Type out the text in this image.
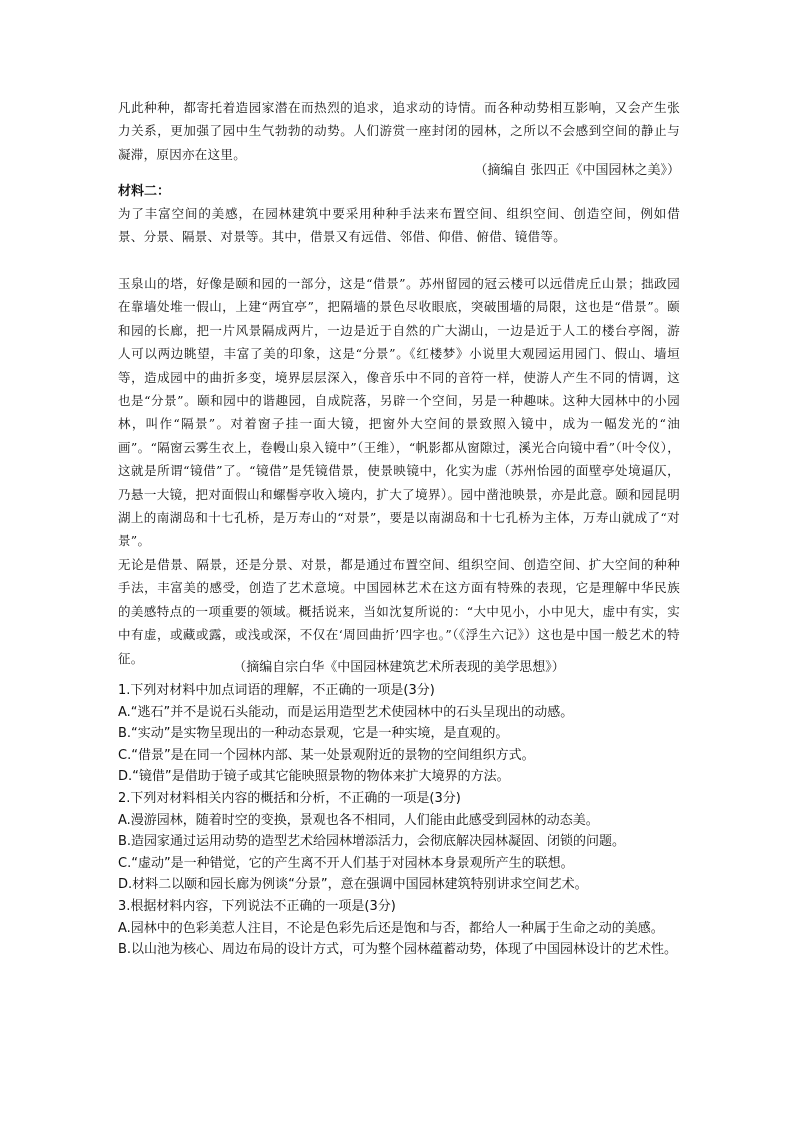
凡此种种，都寄托着造园家潜在而热烈的追求，追求动的诗情。而各种动势相互影响，又会产生张力关系，更加强了园中生气勃勃的动势。人们游赏一座封闭的园林，之所以不会感到空间的静止与凝滞，原因亦在这里。

（摘编自 张四正《中国园林之美》）

材料二：

为了丰富空间的美感，在园林建筑中要采用种种手法来布置空间、组织空间、创造空间，例如借景、分景、隔景、对景等。其中，借景又有远借、邻借、仰借、俯借、镜借等。

玉泉山的塔，好像是颐和园的一部分，这是“借景”。苏州留园的冠云楼可以远借虎丘山景；拙政园在靠墙处堆一假山，上建“两宜亭”，把隔墙的景色尽收眼底，突破围墙的局限，这也是“借景”。颐和园的长廊，把一片风景隔成两片，一边是近于自然的广大湖山，一边是近于人工的楼台亭阁，游人可以两边眺望，丰富了美的印象，这是“分景”。《红楼梦》小说里大观园运用园门、假山、墙垣等，造成园中的曲折多变，境界层层深入，像音乐中不同的音符一样，使游人产生不同的情调，这也是“分景”。颐和园中的谐趣园，自成院落，另辟一个空间，另是一种趣味。这种大园林中的小园林，叫作“隔景”。对着窗子挂一面大镜，把窗外大空间的景致照入镜中，成为一幅发光的“油画”。“隔窗云雾生衣上，卷幔山泉入镜中”（王维），“帆影都从窗隙过，溪光合向镜中看”（叶令仪），这就是所谓“镜借”了。“镜借”是凭镜借景，使景映镜中，化实为虚（苏州怡园的面壁亭处境逼仄，乃悬一大镜，把对面假山和螺髻亭收入境内，扩大了境界）。园中凿池映景，亦是此意。颐和园昆明湖上的南湖岛和十七孔桥，是万寿山的“对景”，要是以南湖岛和十七孔桥为主体，万寿山就成了“对景”。

无论是借景、隔景，还是分景、对景，都是通过布置空间、组织空间、创造空间、扩大空间的种种手法，丰富美的感受，创造了艺术意境。中国园林艺术在这方面有特殊的表现，它是理解中华民族的美感特点的一项重要的领域。概括说来，当如沈复所说的：“大中见小，小中见大，虚中有实，实中有虚，或藏或露，或浅或深，不仅在‘周回曲折’四字也。”（《浮生六记》）这也是中国一般艺术的特征。

（摘编自宗白华《中国园林建筑艺术所表现的美学思想》）

1.下列对材料中加点词语的理解，不正确的一项是(3分)

A.“逃石”并不是说石头能动，而是运用造型艺术使园林中的石头呈现出的动感。

B.“实动”是实物呈现出的一种动态景观，它是一种实境，是直观的。

C.“借景”是在同一个园林内部、某一处景观附近的景物的空间组织方式。

D.“镜借”是借助于镜子或其它能映照景物的物体来扩大境界的方法。

2.下列对材料相关内容的概括和分析，不正确的一项是(3分)

A.漫游园林，随着时空的变换，景观也各不相同，人们能由此感受到园林的动态美。

B.造园家通过运用动势的造型艺术给园林增添活力，会彻底解决园林凝固、闭锁的问题。

C.“虚动”是一种错觉，它的产生离不开人们基于对园林本身景观所产生的联想。

D.材料二以颐和园长廊为例谈“分景”，意在强调中国园林建筑特别讲求空间艺术。

3.根据材料内容，下列说法不正确的一项是(3分)

A.园林中的色彩美惹人注目，不论是色彩先后还是饱和与否，都给人一种属于生命之动的美感。

B.以山池为核心、周边布局的设计方式，可为整个园林蕴蓄动势，体现了中国园林设计的艺术性。
